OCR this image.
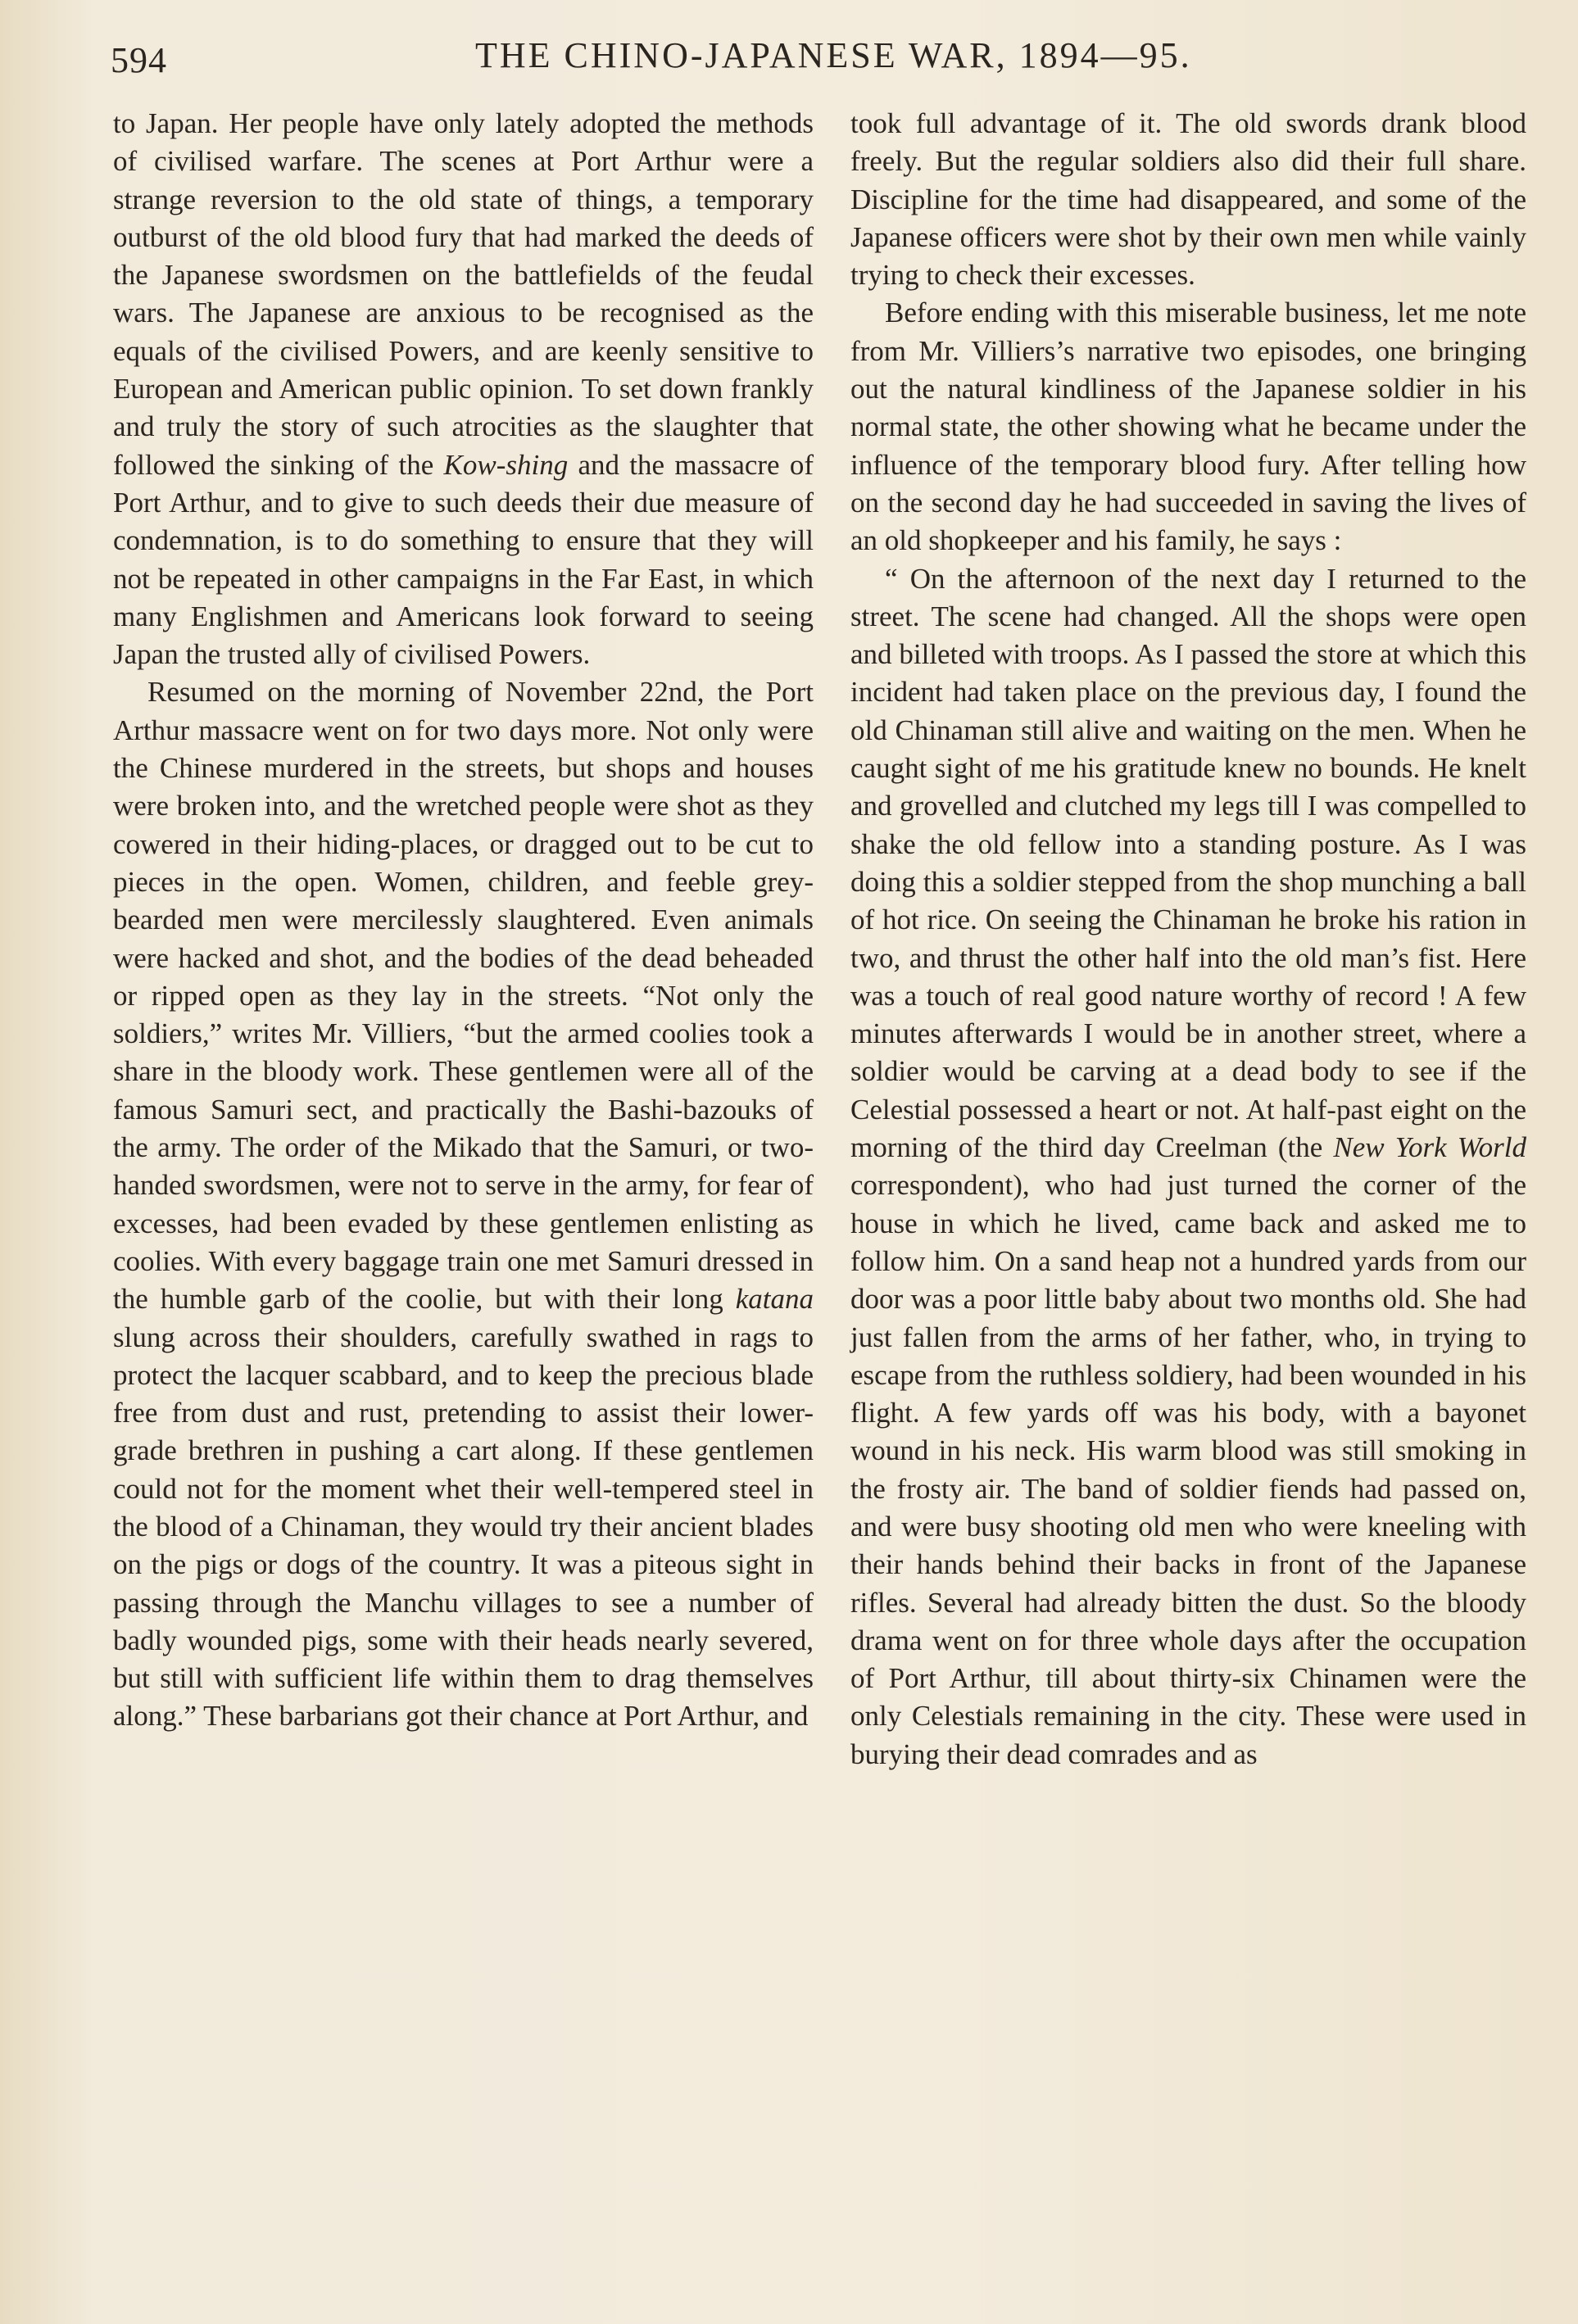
594	THE CHINO-JAPANESE WAR, 1894—95.

to Japan. Her people have only lately adopted the methods of civilised warfare. The scenes at Port Arthur were a strange reversion to the old state of things, a temporary outburst of the old blood fury that had marked the deeds of the Japanese swordsmen on the battlefields of the feudal wars. The Japanese are anxious to be recognised as the equals of the civilised Powers, and are keenly sensitive to European and American public opinion. To set down frankly and truly the story of such atrocities as the slaughter that followed the sinking of the Kow-shing and the massacre of Port Arthur, and to give to such deeds their due measure of condemnation, is to do something to ensure that they will not be repeated in other campaigns in the Far East, in which many Englishmen and Americans look forward to seeing Japan the trusted ally of civilised Powers.

Resumed on the morning of November 22nd, the Port Arthur massacre went on for two days more. Not only were the Chinese murdered in the streets, but shops and houses were broken into, and the wretched people were shot as they cowered in their hiding-places, or dragged out to be cut to pieces in the open. Women, children, and feeble grey-bearded men were mercilessly slaughtered. Even animals were hacked and shot, and the bodies of the dead beheaded or ripped open as they lay in the streets. “Not only the soldiers,” writes Mr. Villiers, “but the armed coolies took a share in the bloody work. These gentlemen were all of the famous Samuri sect, and practically the Bashi-bazouks of the army. The order of the Mikado that the Samuri, or two-handed swordsmen, were not to serve in the army, for fear of excesses, had been evaded by these gentlemen enlisting as coolies. With every baggage train one met Samuri dressed in the humble garb of the coolie, but with their long katana slung across their shoulders, carefully swathed in rags to protect the lacquer scabbard, and to keep the precious blade free from dust and rust, pretending to assist their lower-grade brethren in pushing a cart along. If these gentlemen could not for the moment whet their well-tempered steel in the blood of a Chinaman, they would try their ancient blades on the pigs or dogs of the country. It was a piteous sight in passing through the Manchu villages to see a number of badly wounded pigs, some with their heads nearly severed, but still with sufficient life within them to drag themselves along.” These barbarians got their chance at Port Arthur, and

took full advantage of it. The old swords drank blood freely. But the regular soldiers also did their full share. Discipline for the time had disappeared, and some of the Japanese officers were shot by their own men while vainly trying to check their excesses.

Before ending with this miserable business, let me note from Mr. Villiers’s narrative two episodes, one bringing out the natural kindliness of the Japanese soldier in his normal state, the other showing what he became under the influence of the temporary blood fury. After telling how on the second day he had succeeded in saving the lives of an old shopkeeper and his family, he says :

“ On the afternoon of the next day I returned to the street. The scene had changed. All the shops were open and billeted with troops. As I passed the store at which this incident had taken place on the previous day, I found the old Chinaman still alive and waiting on the men. When he caught sight of me his gratitude knew no bounds. He knelt and grovelled and clutched my legs till I was compelled to shake the old fellow into a standing posture. As I was doing this a soldier stepped from the shop munching a ball of hot rice. On seeing the Chinaman he broke his ration in two, and thrust the other half into the old man’s fist. Here was a touch of real good nature worthy of record ! A few minutes afterwards I would be in another street, where a soldier would be carving at a dead body to see if the Celestial possessed a heart or not. At half-past eight on the morning of the third day Creelman (the New York World correspondent), who had just turned the corner of the house in which he lived, came back and asked me to follow him. On a sand heap not a hundred yards from our door was a poor little baby about two months old. She had just fallen from the arms of her father, who, in trying to escape from the ruthless soldiery, had been wounded in his flight. A few yards off was his body, with a bayonet wound in his neck. His warm blood was still smoking in the frosty air. The band of soldier fiends had passed on, and were busy shooting old men who were kneeling with their hands behind their backs in front of the Japanese rifles. Several had already bitten the dust. So the bloody drama went on for three whole days after the occupation of Port Arthur, till about thirty-six Chinamen were the only Celestials remaining in the city. These were used in burying their dead comrades and as
